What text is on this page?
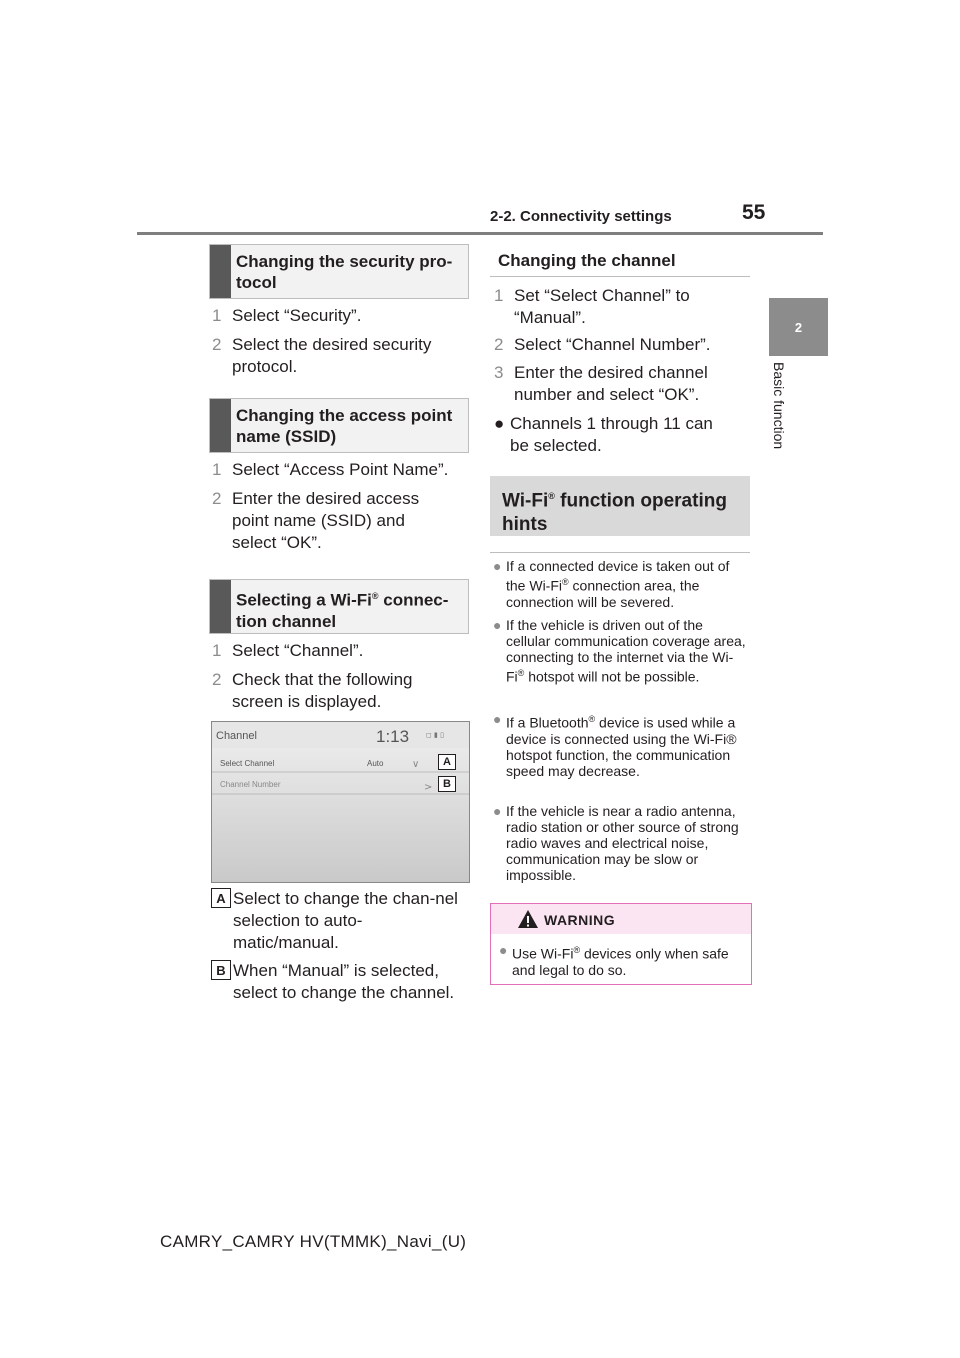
2-2. Connectivity settings	55
2
Basic function
Changing the security pro-
tocol
1 Select “Security”.
2 Select the desired security protocol.
Changing the access point name (SSID)
1 Select “Access Point Name”.
2 Enter the desired access point name (SSID) and select “OK”.
Selecting a Wi-Fi® connec-
tion channel
1 Select “Channel”.
2 Check that the following screen is displayed.
◻ ▮ ▯
∨
>
Channel	1:13
Select Channel	Auto
Channel Number
A
B
A Select to change the chan-nel selection to auto-matic/manual.
B When “Manual” is selected, select to change the channel.
Changing the channel
1 Set “Select Channel” to “Manual”.
2 Select “Channel Number”.
3 Enter the desired channel number and select “OK”.
● Channels 1 through 11 can be selected.
Wi-Fi® function operating hints
● If a connected device is taken out of the Wi-Fi® connection area, the connection will be severed.
● If the vehicle is driven out of the cellular communication coverage area, connecting to the internet via the Wi-Fi® hotspot will not be possible.
● If a Bluetooth® device is used while a device is connected using the Wi-Fi® hotspot function, the communication speed may decrease.
● If the vehicle is near a radio antenna, radio station or other source of strong radio waves and electrical noise, communication may be slow or impossible.
WARNING
● Use Wi-Fi® devices only when safe and legal to do so.
CAMRY_CAMRY HV(TMMK)_Navi_(U)
